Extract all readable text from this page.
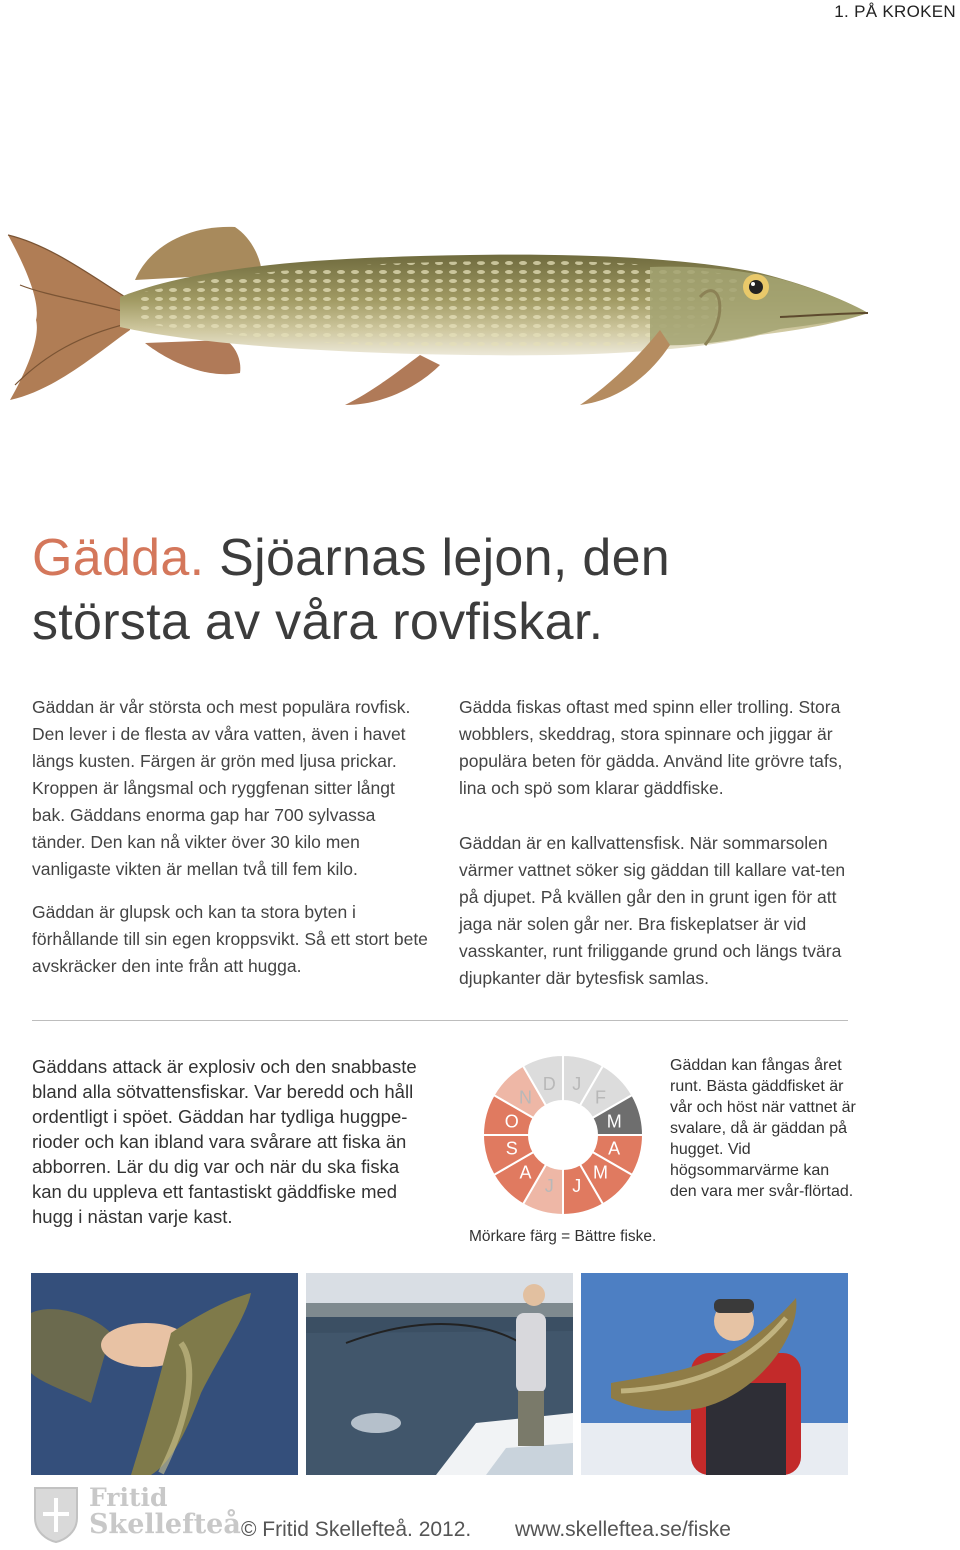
1. PÅ KROKEN
Gädda. Sjöarnas lejon, den
största av våra rovfiskar.

Gäddan är vår största och mest populära rovfisk. Den lever i de flesta av våra vatten, även i havet längs kusten. Färgen är grön med ljusa prickar. Kroppen är långsmal och ryggfenan sitter långt bak. Gäddans enorma gap har 700 sylvassa tänder. Den kan nå vikter över 30 kilo men vanligaste vikten är mellan två till fem kilo.

Gäddan är glupsk och kan ta stora byten i förhållande till sin egen kroppsvikt. Så ett stort bete avskräcker den inte från att hugga.

Gädda fiskas oftast med spinn eller trolling. Stora wobblers, skeddrag, stora spinnare och jiggar är populära beten för gädda. Använd lite grövre tafs, lina och spö som klarar gäddfiske.

Gäddan är en kallvattensfisk. När sommarsolen värmer vattnet söker sig gäddan till kallare vat-ten på djupet. På kvällen går den in grunt igen för att jaga när solen går ner. Bra fiskeplatser är vid vasskanter, runt friliggande grund och längs tvära djupkanter där bytesfisk samlas.

Gäddans attack är explosiv och den snabbaste bland alla sötvattensfiskar. Var beredd och håll ordentligt i spöet. Gäddan har tydliga huggpe-rioder och kan ibland vara svårare att fiska än abborren. Lär du dig var och när du ska fiska kan du uppleva ett fantastiskt gäddfiske med hugg i nästan varje kast.

J
F
M
A
M
J
J
A
S
O
N
D
Mörkare färg = Bättre fiske.

Gäddan kan fångas året runt. Bästa gäddfisket är vår och höst när vattnet är svalare, då är gäddan på hugget. Vid högsommarvärme kan den vara mer svår-flörtad.

Fritid
Skellefteå © Fritid Skellefteå. 2012. www.skelleftea.se/fiske
